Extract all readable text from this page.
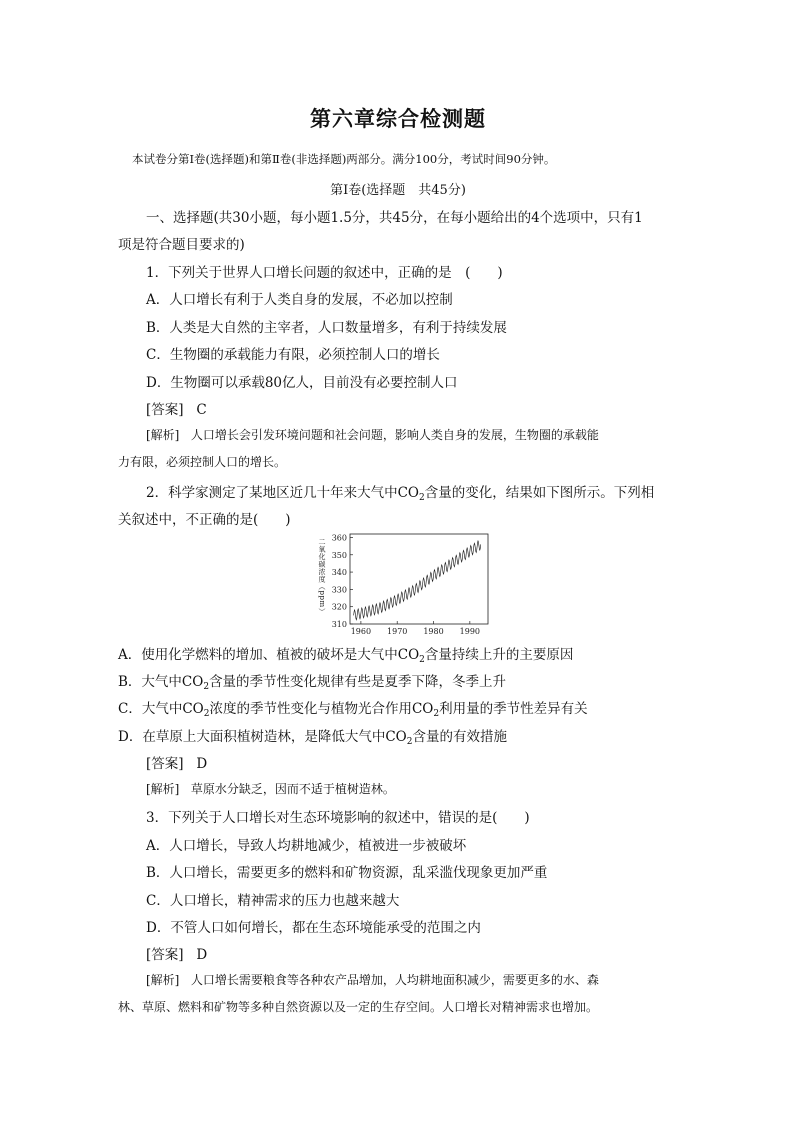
第六章综合检测题
本试卷分第Ⅰ卷(选择题)和第Ⅱ卷(非选择题)两部分。满分100分，考试时间90分钟。
第Ⅰ卷(选择题　共45分)
一、选择题(共30小题，每小题1.5分，共45分，在每小题给出的4个选项中，只有1
项是符合题目要求的)
1．下列关于世界人口增长问题的叙述中，正确的是　(　　)
A．人口增长有利于人类自身的发展，不必加以控制
B．人类是大自然的主宰者，人口数量增多，有利于持续发展
C．生物圈的承载能力有限，必须控制人口的增长
D．生物圈可以承载80亿人，目前没有必要控制人口
[答案] C
[解析] 人口增长会引发环境问题和社会问题，影响人类自身的发展，生物圈的承载能
力有限，必须控制人口的增长。
2．科学家测定了某地区近几十年来大气中$CO_2$含量的变化，结果如下图所示。下列相
关叙述中，不正确的是(　　)
310
320
330
340
350
360
1960 1970 1980 1990
二氧化碳浓度（ppm）
A．使用化学燃料的增加、植被的破坏是大气中$CO_2$含量持续上升的主要原因
B．大气中$CO_2$含量的季节性变化规律有些是夏季下降，冬季上升
C．大气中$CO_2$浓度的季节性变化与植物光合作用$CO_2$利用量的季节性差异有关
D．在草原上大面积植树造林，是降低大气中$CO_2$含量的有效措施
[答案] D
[解析] 草原水分缺乏，因而不适于植树造林。
3．下列关于人口增长对生态环境影响的叙述中，错误的是(　　)
A．人口增长，导致人均耕地减少，植被进一步被破坏
B．人口增长，需要更多的燃料和矿物资源，乱采滥伐现象更加严重
C．人口增长，精神需求的压力也越来越大
D．不管人口如何增长，都在生态环境能承受的范围之内
[答案] D
[解析] 人口增长需要粮食等各种农产品增加，人均耕地面积减少，需要更多的水、森
林、草原、燃料和矿物等多种自然资源以及一定的生存空间。人口增长对精神需求也增加。
